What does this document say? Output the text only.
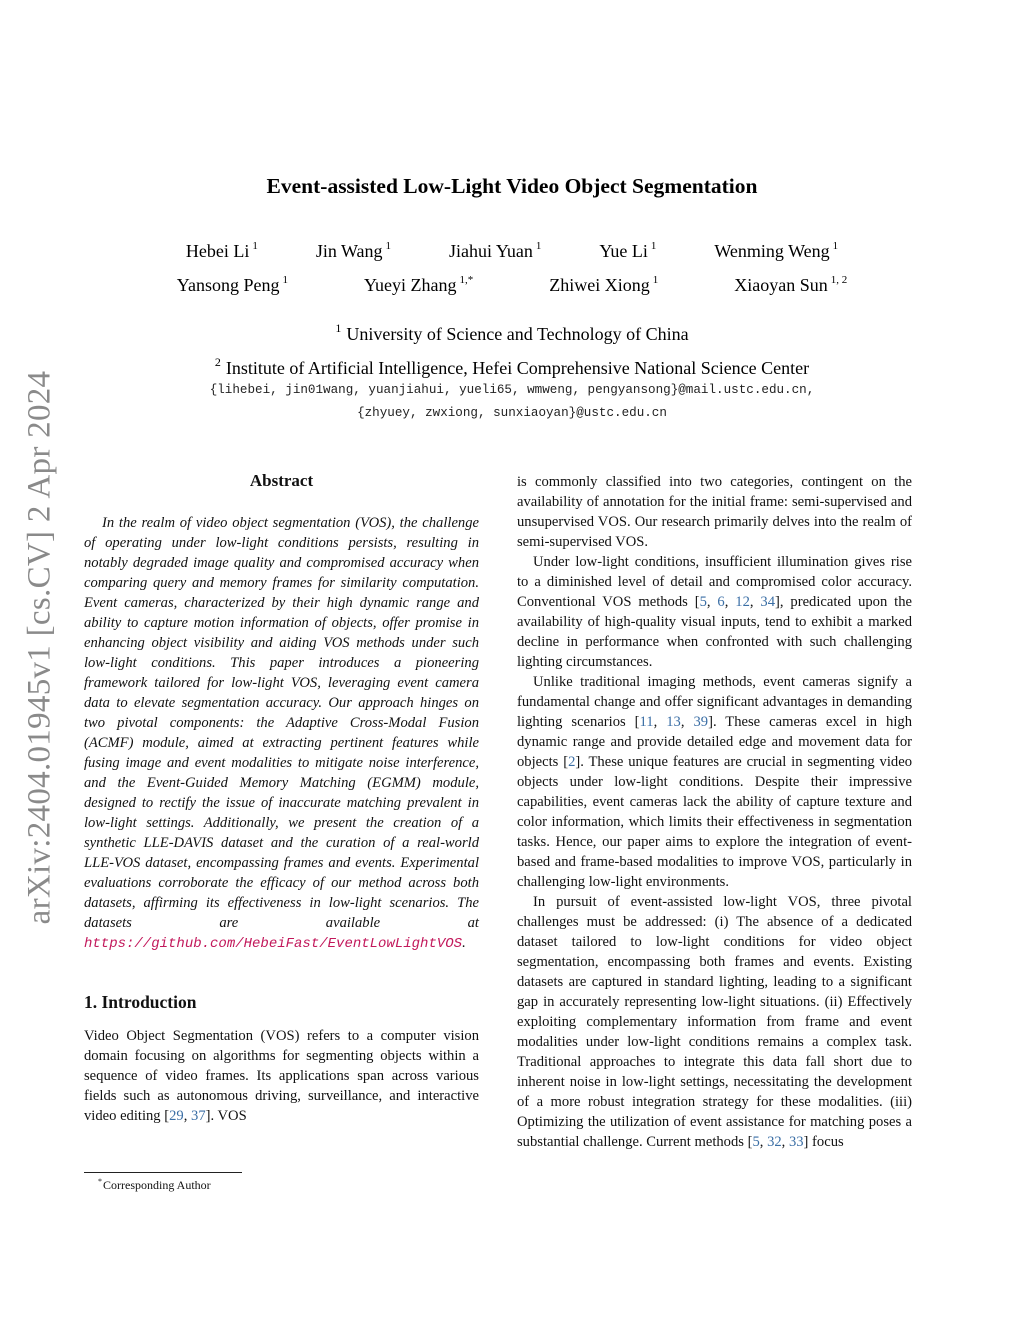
arXiv:2404.01945v1 [cs.CV] 2 Apr 2024
Event-assisted Low-Light Video Object Segmentation
Hebei Li $^1$	Jin Wang $^1$	Jiahui Yuan $^1$	Yue Li $^1$	Wenming Weng $^1$
Yansong Peng $^1$	Yueyi Zhang $^{1,*}$	Zhiwei Xiong $^1$	Xiaoyan Sun $^{1, 2}$
$^1$ University of Science and Technology of China
$^2$ Institute of Artificial Intelligence, Hefei Comprehensive National Science Center
{lihebei, jin01wang, yuanjiahui, yueli65, wmweng, pengyansong}@mail.ustc.edu.cn,
{zhyuey, zwxiong, sunxiaoyan}@ustc.edu.cn
Abstract

In the realm of video object segmentation (VOS), the challenge of operating under low-light conditions persists, resulting in notably degraded image quality and compromised accuracy when comparing query and memory frames for similarity computation. Event cameras, characterized by their high dynamic range and ability to capture motion information of objects, offer promise in enhancing object visibility and aiding VOS methods under such low-light conditions. This paper introduces a pioneering framework tailored for low-light VOS, leveraging event camera data to elevate segmentation accuracy. Our approach hinges on two pivotal components: the Adaptive Cross-Modal Fusion (ACMF) module, aimed at extracting pertinent features while fusing image and event modalities to mitigate noise interference, and the Event-Guided Memory Matching (EGMM) module, designed to rectify the issue of inaccurate matching prevalent in low-light settings. Additionally, we present the creation of a synthetic LLE-DAVIS dataset and the curation of a real-world LLE-VOS dataset, encompassing frames and events. Experimental evaluations corroborate the efficacy of our method across both datasets, affirming its effectiveness in low-light scenarios. The datasets are available at https://github.com/HebeiFast/EventLowLightVOS.

1. Introduction

Video Object Segmentation (VOS) refers to a computer vision domain focusing on algorithms for segmenting objects within a sequence of video frames. Its applications span across various fields such as autonomous driving, surveillance, and interactive video editing [29, 37]. VOS

*Corresponding Author

is commonly classified into two categories, contingent on the availability of annotation for the initial frame: semi-supervised and unsupervised VOS. Our research primarily delves into the realm of semi-supervised VOS.

Under low-light conditions, insufficient illumination gives rise to a diminished level of detail and compromised color accuracy. Conventional VOS methods [5, 6, 12, 34], predicated upon the availability of high-quality visual inputs, tend to exhibit a marked decline in performance when confronted with such challenging lighting circumstances.

Unlike traditional imaging methods, event cameras signify a fundamental change and offer significant advantages in demanding lighting scenarios [11, 13, 39]. These cameras excel in high dynamic range and provide detailed edge and movement data for objects [2]. These unique features are crucial in segmenting video objects under low-light conditions. Despite their impressive capabilities, event cameras lack the ability of capture texture and color information, which limits their effectiveness in segmentation tasks. Hence, our paper aims to explore the integration of event-based and frame-based modalities to improve VOS, particularly in challenging low-light environments.

In pursuit of event-assisted low-light VOS, three pivotal challenges must be addressed: (i) The absence of a dedicated dataset tailored to low-light conditions for video object segmentation, encompassing both frames and events. Existing datasets are captured in standard lighting, leading to a significant gap in accurately representing low-light situations. (ii) Effectively exploiting complementary information from frame and event modalities under low-light conditions remains a complex task. Traditional approaches to integrate this data fall short due to inherent noise in low-light settings, necessitating the development of a more robust integration strategy for these modalities. (iii) Optimizing the utilization of event assistance for matching poses a substantial challenge. Current methods [5, 32, 33] focus
